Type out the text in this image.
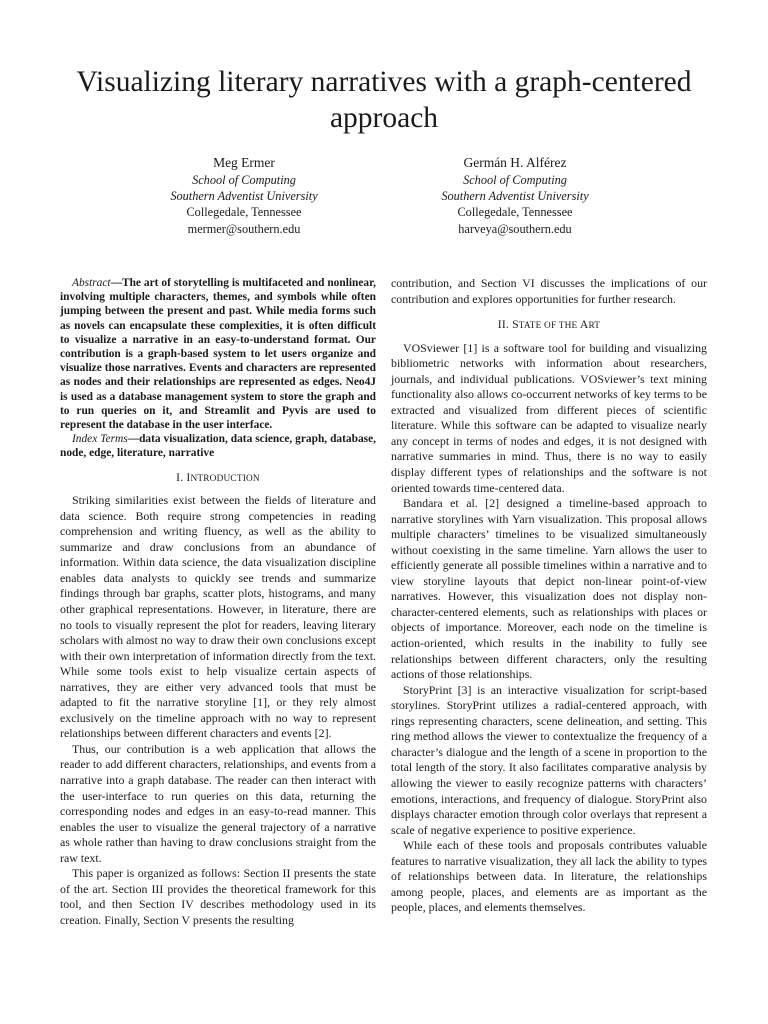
Visualizing literary narratives with a graph-centered approach
Meg Ermer
School of Computing
Southern Adventist University
Collegedale, Tennessee
mermer@southern.edu
Germán H. Alférez
School of Computing
Southern Adventist University
Collegedale, Tennessee
harveya@southern.edu

Abstract—The art of storytelling is multifaceted and nonlinear, involving multiple characters, themes, and symbols while often jumping between the present and past. While media forms such as novels can encapsulate these complexities, it is often difficult to visualize a narrative in an easy-to-understand format. Our contribution is a graph-based system to let users organize and visualize those narratives. Events and characters are represented as nodes and their relationships are represented as edges. Neo4J is used as a database management system to store the graph and to run queries on it, and Streamlit and Pyvis are used to represent the database in the user interface.

Index Terms—data visualization, data science, graph, database, node, edge, literature, narrative

I. INTRODUCTION

Striking similarities exist between the fields of literature and data science. Both require strong competencies in reading comprehension and writing fluency, as well as the ability to summarize and draw conclusions from an abundance of information. Within data science, the data visualization discipline enables data analysts to quickly see trends and summarize findings through bar graphs, scatter plots, histograms, and many other graphical representations. However, in literature, there are no tools to visually represent the plot for readers, leaving literary scholars with almost no way to draw their own conclusions except with their own interpretation of information directly from the text. While some tools exist to help visualize certain aspects of narratives, they are either very advanced tools that must be adapted to fit the narrative storyline [1], or they rely almost exclusively on the timeline approach with no way to represent relationships between different characters and events [2].

Thus, our contribution is a web application that allows the reader to add different characters, relationships, and events from a narrative into a graph database. The reader can then interact with the user-interface to run queries on this data, returning the corresponding nodes and edges in an easy-to-read manner. This enables the user to visualize the general trajectory of a narrative as whole rather than having to draw conclusions straight from the raw text.

This paper is organized as follows: Section II presents the state of the art. Section III provides the theoretical framework for this tool, and then Section IV describes methodology used in its creation. Finally, Section V presents the resulting

contribution, and Section VI discusses the implications of our contribution and explores opportunities for further research.

II. STATE OF THE ART

VOSviewer [1] is a software tool for building and visualizing bibliometric networks with information about researchers, journals, and individual publications. VOSviewer’s text mining functionality also allows co-occurrent networks of key terms to be extracted and visualized from different pieces of scientific literature. While this software can be adapted to visualize nearly any concept in terms of nodes and edges, it is not designed with narrative summaries in mind. Thus, there is no way to easily display different types of relationships and the software is not oriented towards time-centered data.

Bandara et al. [2] designed a timeline-based approach to narrative storylines with Yarn visualization. This proposal allows multiple characters’ timelines to be visualized simultaneously without coexisting in the same timeline. Yarn allows the user to efficiently generate all possible timelines within a narrative and to view storyline layouts that depict non-linear point-of-view narratives. However, this visualization does not display non-character-centered elements, such as relationships with places or objects of importance. Moreover, each node on the timeline is action-oriented, which results in the inability to fully see relationships between different characters, only the resulting actions of those relationships.

StoryPrint [3] is an interactive visualization for script-based storylines. StoryPrint utilizes a radial-centered approach, with rings representing characters, scene delineation, and setting. This ring method allows the viewer to contextualize the frequency of a character’s dialogue and the length of a scene in proportion to the total length of the story. It also facilitates comparative analysis by allowing the viewer to easily recognize patterns with characters’ emotions, interactions, and frequency of dialogue. StoryPrint also displays character emotion through color overlays that represent a scale of negative experience to positive experience.

While each of these tools and proposals contributes valuable features to narrative visualization, they all lack the ability to types of relationships between data. In literature, the relationships among people, places, and elements are as important as the people, places, and elements themselves.
